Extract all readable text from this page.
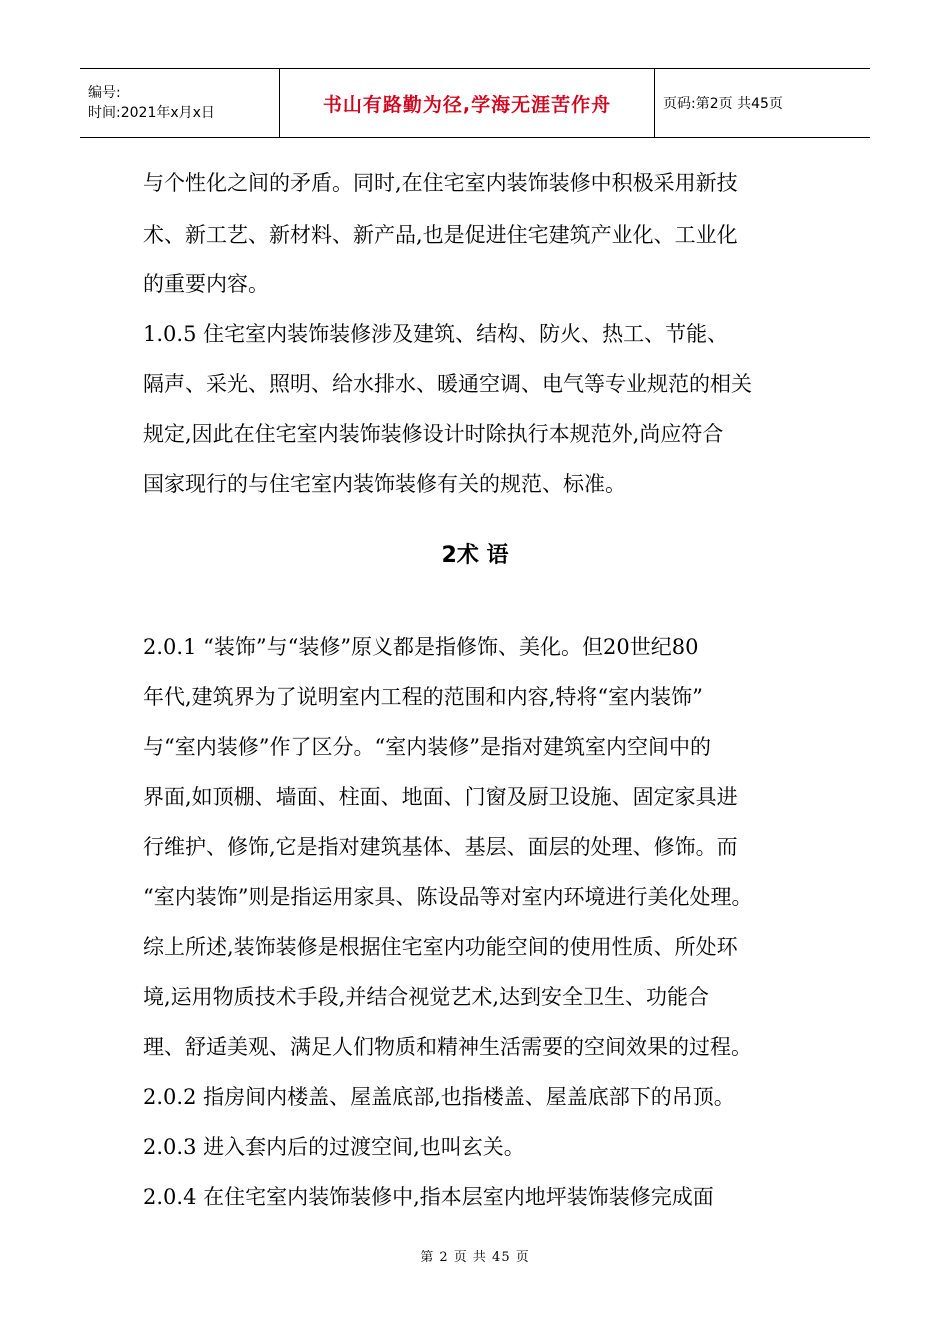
编号:
时间:2021年x月x日	书山有路勤为径,学海无涯苦作舟	页码:第2页 共45页
与个性化之间的矛盾。同时,在住宅室内装饰装修中积极采用新技
术、新工艺、新材料、新产品,也是促进住宅建筑产业化、工业化
的重要内容。
1.0.5 住宅室内装饰装修涉及建筑、结构、防火、热工、节能、
隔声、采光、照明、给水排水、暖通空调、电气等专业规范的相关
规定,因此在住宅室内装饰装修设计时除执行本规范外,尚应符合
国家现行的与住宅室内装饰装修有关的规范、标准。
2术 语
2.0.1 “装饰”与“装修”原义都是指修饰、美化。但20世纪80
年代,建筑界为了说明室内工程的范围和内容,特将“室内装饰”
与“室内装修”作了区分。“室内装修”是指对建筑室内空间中的
界面,如顶棚、墙面、柱面、地面、门窗及厨卫设施、固定家具进
行维护、修饰,它是指对建筑基体、基层、面层的处理、修饰。而
“室内装饰”则是指运用家具、陈设品等对室内环境进行美化处理。
综上所述,装饰装修是根据住宅室内功能空间的使用性质、所处环
境,运用物质技术手段,并结合视觉艺术,达到安全卫生、功能合
理、舒适美观、满足人们物质和精神生活需要的空间效果的过程。
2.0.2 指房间内楼盖、屋盖底部,也指楼盖、屋盖底部下的吊顶。
2.0.3 进入套内后的过渡空间,也叫玄关。
2.0.4 在住宅室内装饰装修中,指本层室内地坪装饰装修完成面
第 2 页 共 45 页
